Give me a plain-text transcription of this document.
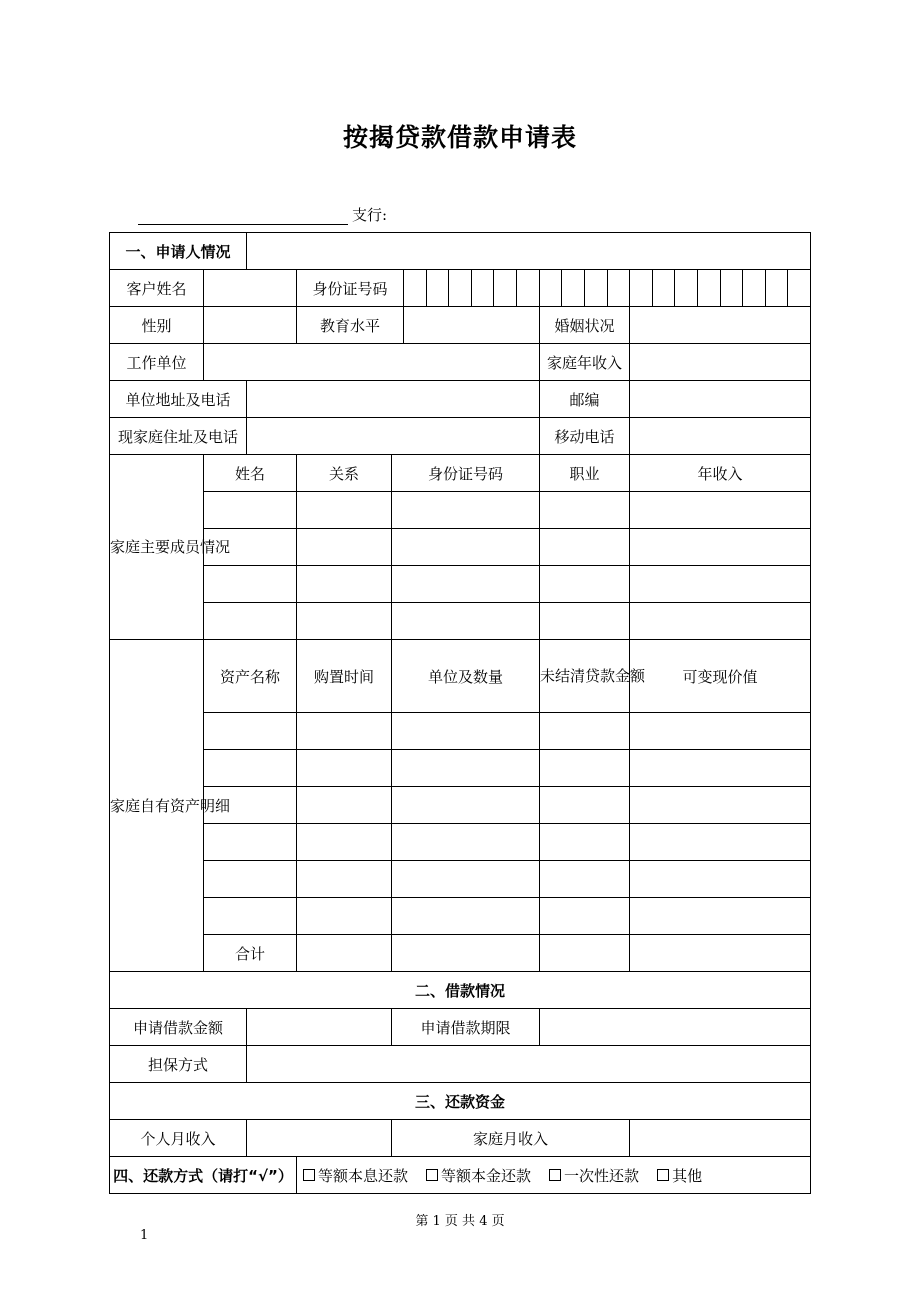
按揭贷款借款申请表
支行:
一、申请人情况							
客户姓名			身份证号码				

性别			教育水平			婚姻状况	
工作单位						家庭年收入	
单位地址及电话						邮编	
现家庭住址及电话						移动电话	
家庭主要成员情况	姓名		关系	身份证号码		职业	年收入

家庭自有资产明细	资产名称		购置时间	单位及数量		未结清贷款金额	可变现价值

	合计						
二、借款情况							
申请借款金额				申请借款期限			
担保方式							
三、还款资金							
个人月收入				家庭月收入			
四、还款方式（请打“√”）			等额本息还款 等额本金还款 一次性还款 其他				
第 1 页 共 4 页
1
